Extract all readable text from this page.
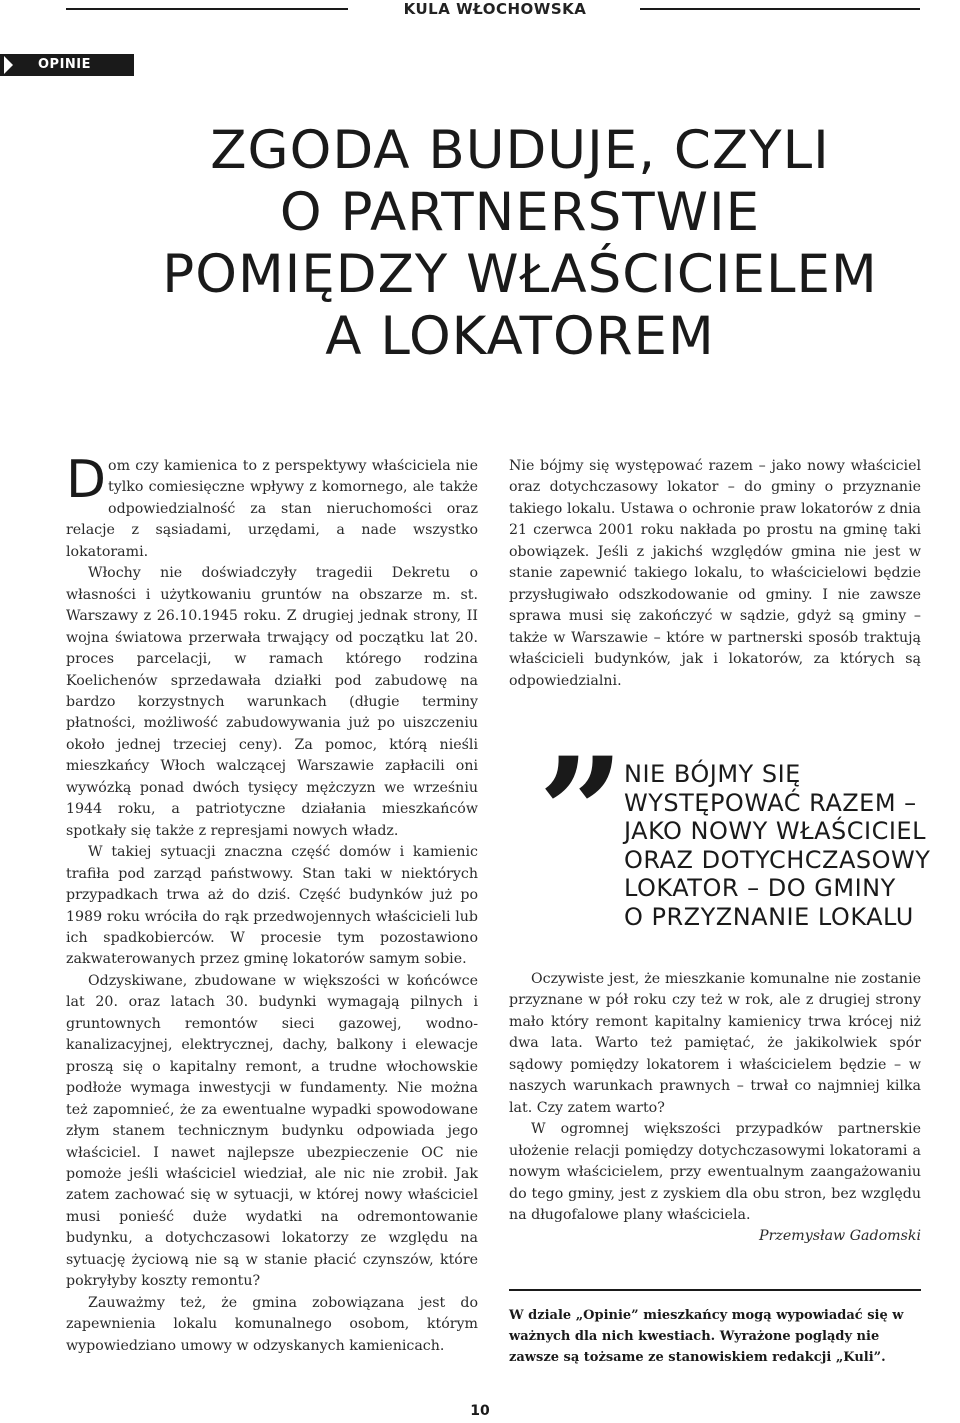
KULA WŁOCHOWSKA
OPINIE
ZGODA BUDUJE, CZYLI
O PARTNERSTWIE
POMIĘDZY WŁAŚCICIELEM
A LOKATOREM

Dom czy kamienica to z perspektywy właściciela nie tylko comiesięczne wpływy z komornego, ale także odpowiedzialność za stan nieruchomości oraz relacje z sąsiadami, urzędami, a nade wszystko lokatorami.

Włochy nie doświadczyły tragedii Dekretu o własności i użytkowaniu gruntów na obszarze m. st. Warszawy z 26.10.1945 roku. Z drugiej jednak strony, II wojna światowa przerwała trwający od początku lat 20. proces parcelacji, w ramach którego rodzina Koelichenów sprzedawała działki pod zabudowę na bardzo korzystnych warunkach (długie terminy płatności, możliwość zabudowywania już po uiszczeniu około jednej trzeciej ceny). Za pomoc, którą nieśli mieszkańcy Włoch walczącej Warszawie zapłacili oni wywózką ponad dwóch tysięcy mężczyzn we wrześniu 1944 roku, a patriotyczne działania mieszkańców spotkały się także z represjami nowych władz.

W takiej sytuacji znaczna część domów i kamienic trafiła pod zarząd państwowy. Stan taki w niektórych przypadkach trwa aż do dziś. Część budynków już po 1989 roku wróciła do rąk przedwojennych właścicieli lub ich spadkobierców. W procesie tym pozostawiono zakwaterowanych przez gminę lokatorów samym sobie.

Odzyskiwane, zbudowane w większości w końcówce lat 20. oraz latach 30. budynki wymagają pilnych i gruntownych remontów sieci gazowej, wodno-kanalizacyjnej, elektrycznej, dachy, balkony i elewacje proszą się o kapitalny remont, a trudne włochowskie podłoże wymaga inwestycji w fundamenty. Nie można też zapomnieć, że za ewentualne wypadki spowodowane złym stanem technicznym budynku odpowiada jego właściciel. I nawet najlepsze ubezpieczenie OC nie pomoże jeśli właściciel wiedział, ale nic nie zrobił. Jak zatem zachować się w sytuacji, w której nowy właściciel musi ponieść duże wydatki na odremontowanie budynku, a dotychczasowi lokatorzy ze względu na sytuację życiową nie są w stanie płacić czynszów, które pokryłyby koszty remontu?

Zauważmy też, że gmina zobowiązana jest do zapewnienia lokalu komunalnego osobom, którym wypowiedziano umowy w odzyskanych kamienicach.

Nie bójmy się występować razem – jako nowy właściciel oraz dotychczasowy lokator – do gminy o przyznanie takiego lokalu. Ustawa o ochronie praw lokatorów z dnia 21 czerwca 2001 roku nakłada po prostu na gminę taki obowiązek. Jeśli z jakichś względów gmina nie jest w stanie zapewnić takiego lokalu, to właścicielowi będzie przysługiwało odszkodowanie od gminy. I nie zawsze sprawa musi się zakończyć w sądzie, gdyż są gminy – także w Warszawie – które w partnerski sposób traktują właścicieli budynków, jak i lokatorów, za których są odpowiedzialni.

” NIE BÓJMY SIĘ
WYSTĘPOWAĆ RAZEM –
JAKO NOWY WŁAŚCICIEL
ORAZ DOTYCHCZASOWY
LOKATOR – DO GMINY
O PRZYZNANIE LOKALU

Oczywiste jest, że mieszkanie komunalne nie zostanie przyznane w pół roku czy też w rok, ale z drugiej strony mało który remont kapitalny kamienicy trwa krócej niż dwa lata. Warto też pamiętać, że jakikolwiek spór sądowy pomiędzy lokatorem i właścicielem będzie – w naszych warunkach prawnych – trwał co najmniej kilka lat. Czy zatem warto?

W ogromnej większości przypadków partnerskie ułożenie relacji pomiędzy dotychczasowymi lokatorami a nowym właścicielem, przy ewentualnym zaangażowaniu do tego gminy, jest z zyskiem dla obu stron, bez względu na długofalowe plany właściciela.

Przemysław Gadomski

W dziale „Opinie” mieszkańcy mogą wypowiadać się w ważnych dla nich kwestiach. Wyrażone poglądy nie zawsze są tożsame ze stanowiskiem redakcji „Kuli”.
10
